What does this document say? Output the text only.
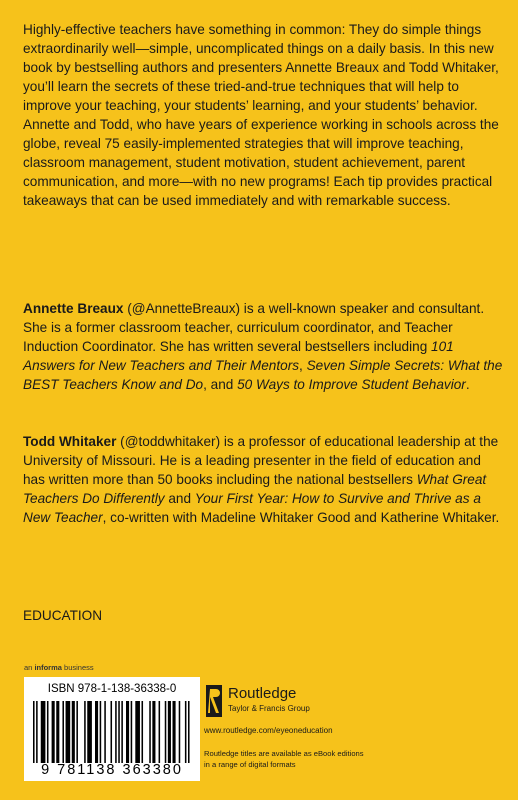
Highly-effective teachers have something in common: They do simple things extraordinarily well—simple, uncomplicated things on a daily basis. In this new book by bestselling authors and presenters Annette Breaux and Todd Whitaker, you’ll learn the secrets of these tried-and-true techniques that will help to improve your teaching, your students’ learning, and your students’ behavior. Annette and Todd, who have years of experience working in schools across the globe, reveal 75 easily-implemented strategies that will improve teaching, classroom management, student motivation, student achievement, parent communication, and more—with no new programs! Each tip provides practical takeaways that can be used immediately and with remarkable success.

Annette Breaux (@AnnetteBreaux) is a well-known speaker and consultant. She is a former classroom teacher, curriculum coordinator, and Teacher Induction Coordinator. She has written several bestsellers including 101 Answers for New Teachers and Their Mentors, Seven Simple Secrets: What the BEST Teachers Know and Do, and 50 Ways to Improve Student Behavior.

Todd Whitaker (@toddwhitaker) is a professor of educational leadership at the University of Missouri. He is a leading presenter in the field of education and has written more than 50 books including the national bestsellers What Great Teachers Do Differently and Your First Year: How to Survive and Thrive as a New Teacher, co-written with Madeline Whitaker Good and Katherine Whitaker.

EDUCATION

an informa business
ISBN 978-1-138-36338-0
9 781138 363380
Routledge
Taylor & Francis Group
www.routledge.com/eyeoneducation
Routledge titles are available as eBook editions
in a range of digital formats
